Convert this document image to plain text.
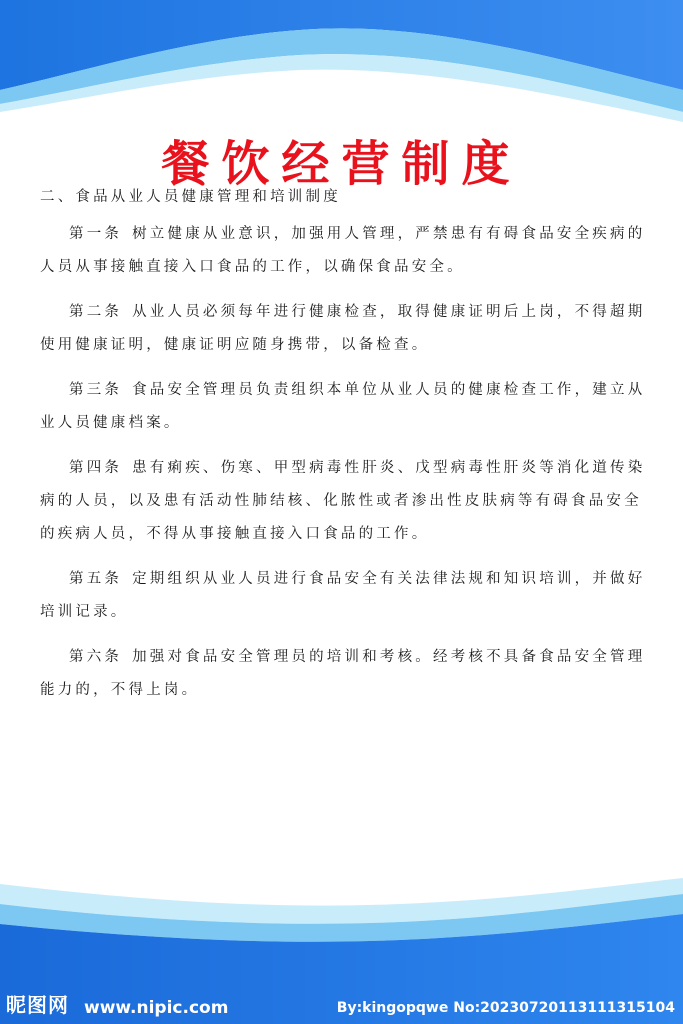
餐饮经营制度

二、食品从业人员健康管理和培训制度

第一条 树立健康从业意识，加强用人管理，严禁患有有碍食品安全疾病的人员从事接触直接入口食品的工作，以确保食品安全。

第二条 从业人员必须每年进行健康检查，取得健康证明后上岗，不得超期使用健康证明，健康证明应随身携带，以备检查。

第三条 食品安全管理员负责组织本单位从业人员的健康检查工作，建立从业人员健康档案。

第四条 患有痢疾、伤寒、甲型病毒性肝炎、戊型病毒性肝炎等消化道传染病的人员，以及患有活动性肺结核、化脓性或者渗出性皮肤病等有碍食品安全的疾病人员，不得从事接触直接入口食品的工作。

第五条 定期组织从业人员进行食品安全有关法律法规和知识培训，并做好培训记录。

第六条 加强对食品安全管理员的培训和考核。经考核不具备食品安全管理能力的，不得上岗。

昵图网 www.nipic.com	By:kingopqwe No:20230720113111315104
